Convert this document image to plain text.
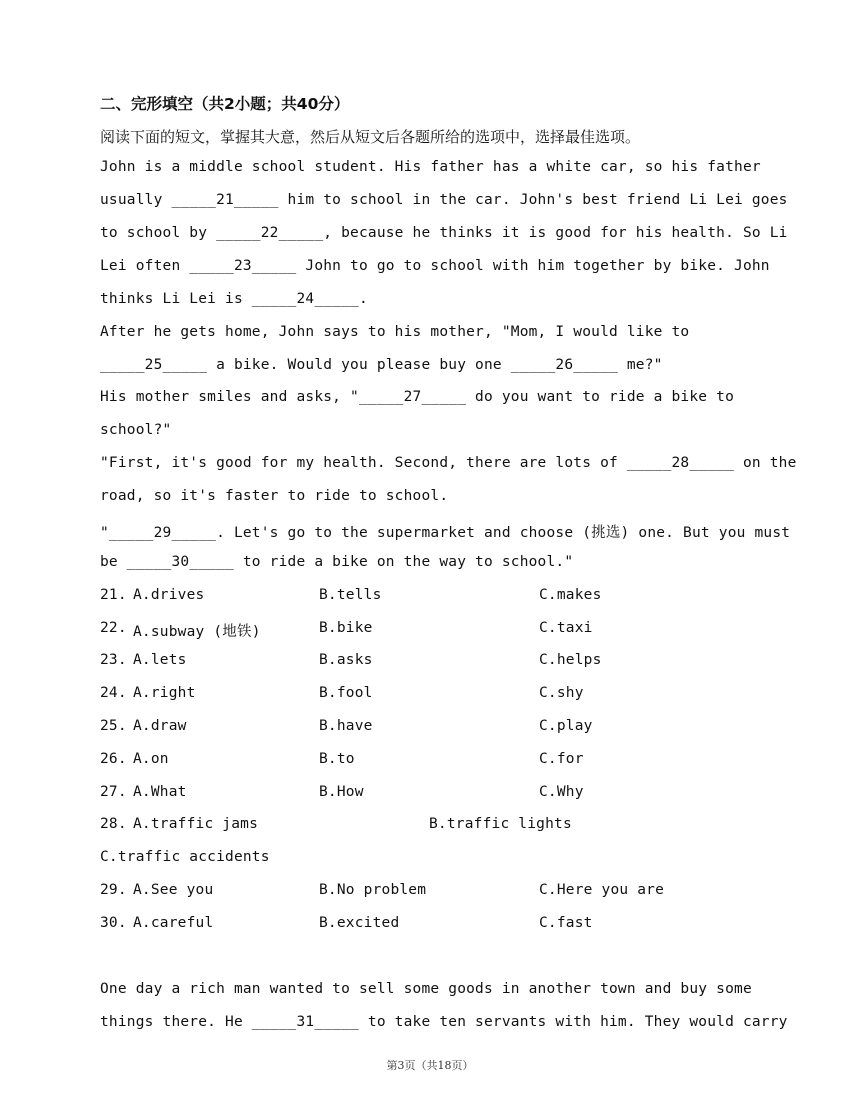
二、完形填空（共2小题；共40分）
阅读下面的短文，掌握其大意，然后从短文后各题所给的选项中，选择最佳选项。
John is a middle school student. His father has a white car, so his father
usually _____21_____ him to school in the car. John's best friend Li Lei goes
to school by _____22_____, because he thinks it is good for his health. So Li
Lei often _____23_____ John to go to school with him together by bike. John
thinks Li Lei is _____24_____.
After he gets home, John says to his mother, "Mom, I would like to
_____25_____ a bike. Would you please buy one _____26_____ me?"
His mother smiles and asks, "_____27_____ do you want to ride a bike to
school?"
"First, it's good for my health. Second, there are lots of _____28_____ on the
road, so it's faster to ride to school.
"_____29_____. Let's go to the supermarket and choose (挑选) one. But you must
be _____30_____ to ride a bike on the way to school."
21. A.drives	B.tells	C.makes
22. A.subway (地铁)	B.bike	C.taxi
23. A.lets	B.asks	C.helps
24. A.right	B.fool	C.shy
25. A.draw	B.have	C.play
26. A.on	B.to	C.for
27. A.What	B.How	C.Why
28. A.traffic jams	B.traffic lights
C.traffic accidents
29. A.See you	B.No problem	C.Here you are
30. A.careful	B.excited	C.fast
One day a rich man wanted to sell some goods in another town and buy some
things there. He _____31_____ to take ten servants with him. They would carry
第3页（共18页）
